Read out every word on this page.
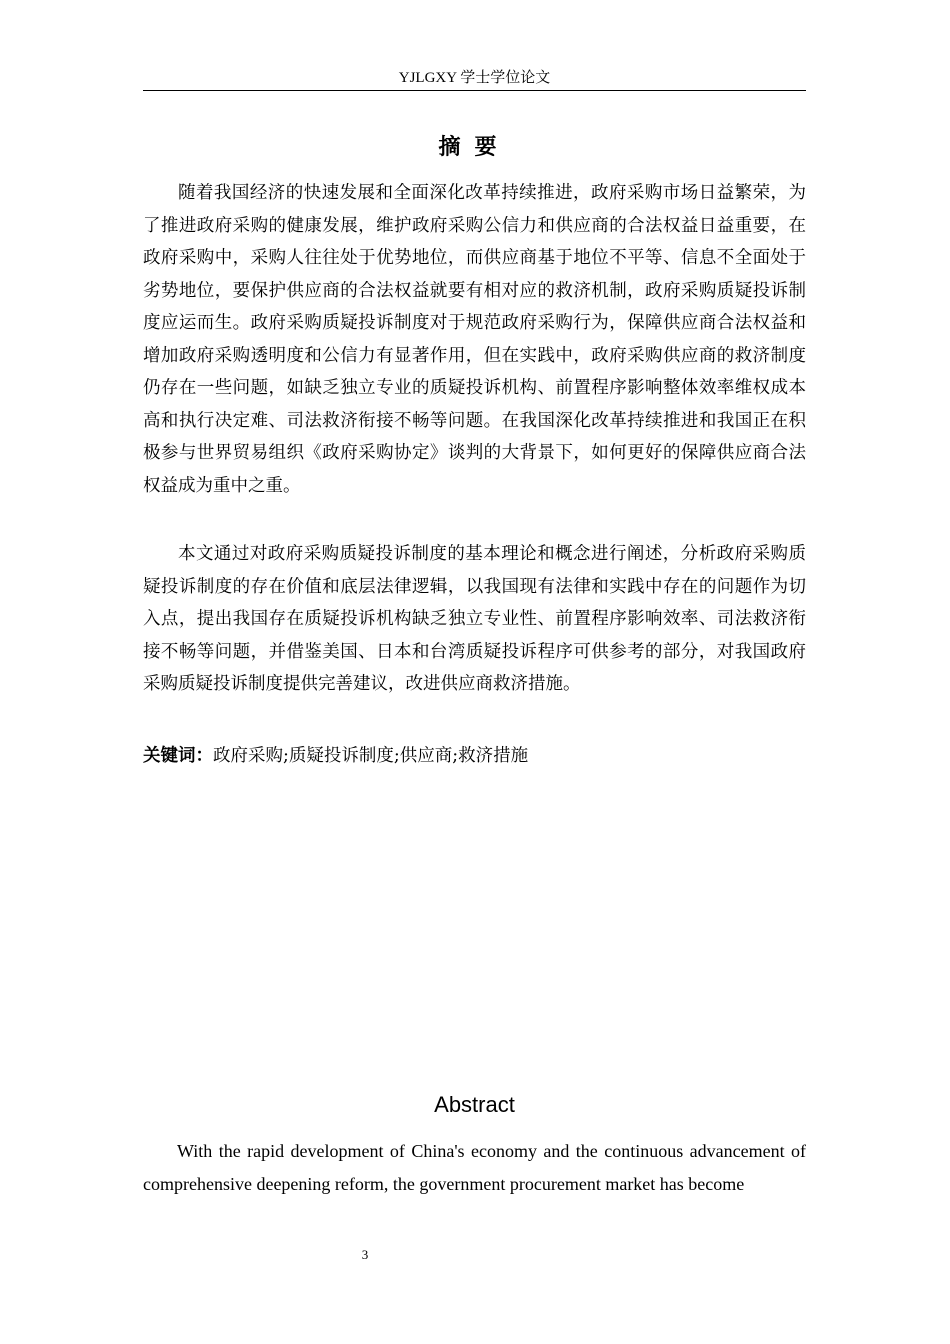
YJLGXY 学士学位论文
摘要

随着我国经济的快速发展和全面深化改革持续推进，政府采购市场日益繁荣，为了推进政府采购的健康发展，维护政府采购公信力和供应商的合法权益日益重要，在政府采购中，采购人往往处于优势地位，而供应商基于地位不平等、信息不全面处于劣势地位，要保护供应商的合法权益就要有相对应的救济机制，政府采购质疑投诉制度应运而生。政府采购质疑投诉制度对于规范政府采购行为，保障供应商合法权益和增加政府采购透明度和公信力有显著作用，但在实践中，政府采购供应商的救济制度仍存在一些问题，如缺乏独立专业的质疑投诉机构、前置程序影响整体效率维权成本高和执行决定难、司法救济衔接不畅等问题。在我国深化改革持续推进和我国正在积极参与世界贸易组织《政府采购协定》谈判的大背景下，如何更好的保障供应商合法权益成为重中之重。

本文通过对政府采购质疑投诉制度的基本理论和概念进行阐述，分析政府采购质疑投诉制度的存在价值和底层法律逻辑，以我国现有法律和实践中存在的问题作为切入点，提出我国存在质疑投诉机构缺乏独立专业性、前置程序影响效率、司法救济衔接不畅等问题，并借鉴美国、日本和台湾质疑投诉程序可供参考的部分，对我国政府采购质疑投诉制度提供完善建议，改进供应商救济措施。

关键词：政府采购;质疑投诉制度;供应商;救济措施
Abstract

With the rapid development of China's economy and the continuous advancement of comprehensive deepening reform, the government procurement market has become

3
